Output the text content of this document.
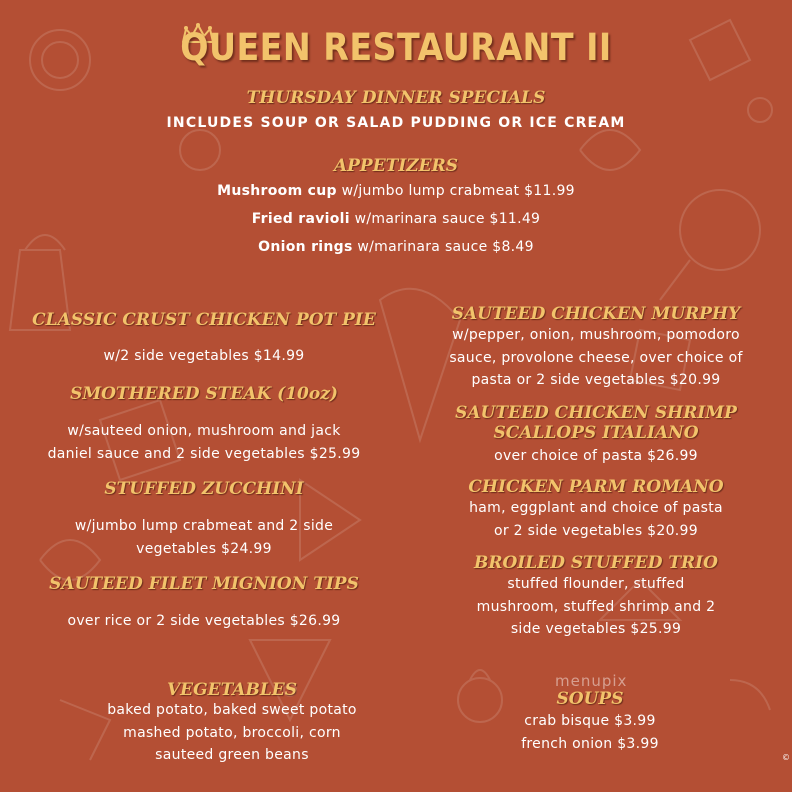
QUEEN RESTAURANT II
THURSDAY DINNER SPECIALS
INCLUDES SOUP OR SALAD PUDDING OR ICE CREAM
APPETIZERS
Mushroom cup w/jumbo lump crabmeat $11.99
Fried ravioli w/marinara sauce $11.49
Onion rings w/marinara sauce $8.49
CLASSIC CRUST CHICKEN POT PIE
w/2 side vegetables $14.99
SMOTHERED STEAK (10oz)
w/sauteed onion, mushroom and jack
daniel sauce and 2 side vegetables $25.99
STUFFED ZUCCHINI
w/jumbo lump crabmeat and 2 side
vegetables $24.99
SAUTEED FILET MIGNION TIPS
over rice or 2 side vegetables $26.99
SAUTEED CHICKEN MURPHY
w/pepper, onion, mushroom, pomodoro
sauce, provolone cheese, over choice of
pasta or 2 side vegetables $20.99
SAUTEED CHICKEN SHRIMP
SCALLOPS ITALIANO
over choice of pasta $26.99
CHICKEN PARM ROMANO
ham, eggplant and choice of pasta
or 2 side vegetables $20.99
BROILED STUFFED TRIO
stuffed flounder, stuffed
mushroom, stuffed shrimp and 2
side vegetables $25.99
VEGETABLES
baked potato, baked sweet potato
mashed potato, broccoli, corn
sauteed green beans
menupix
SOUPS
crab bisque $3.99
french onion $3.99
©
